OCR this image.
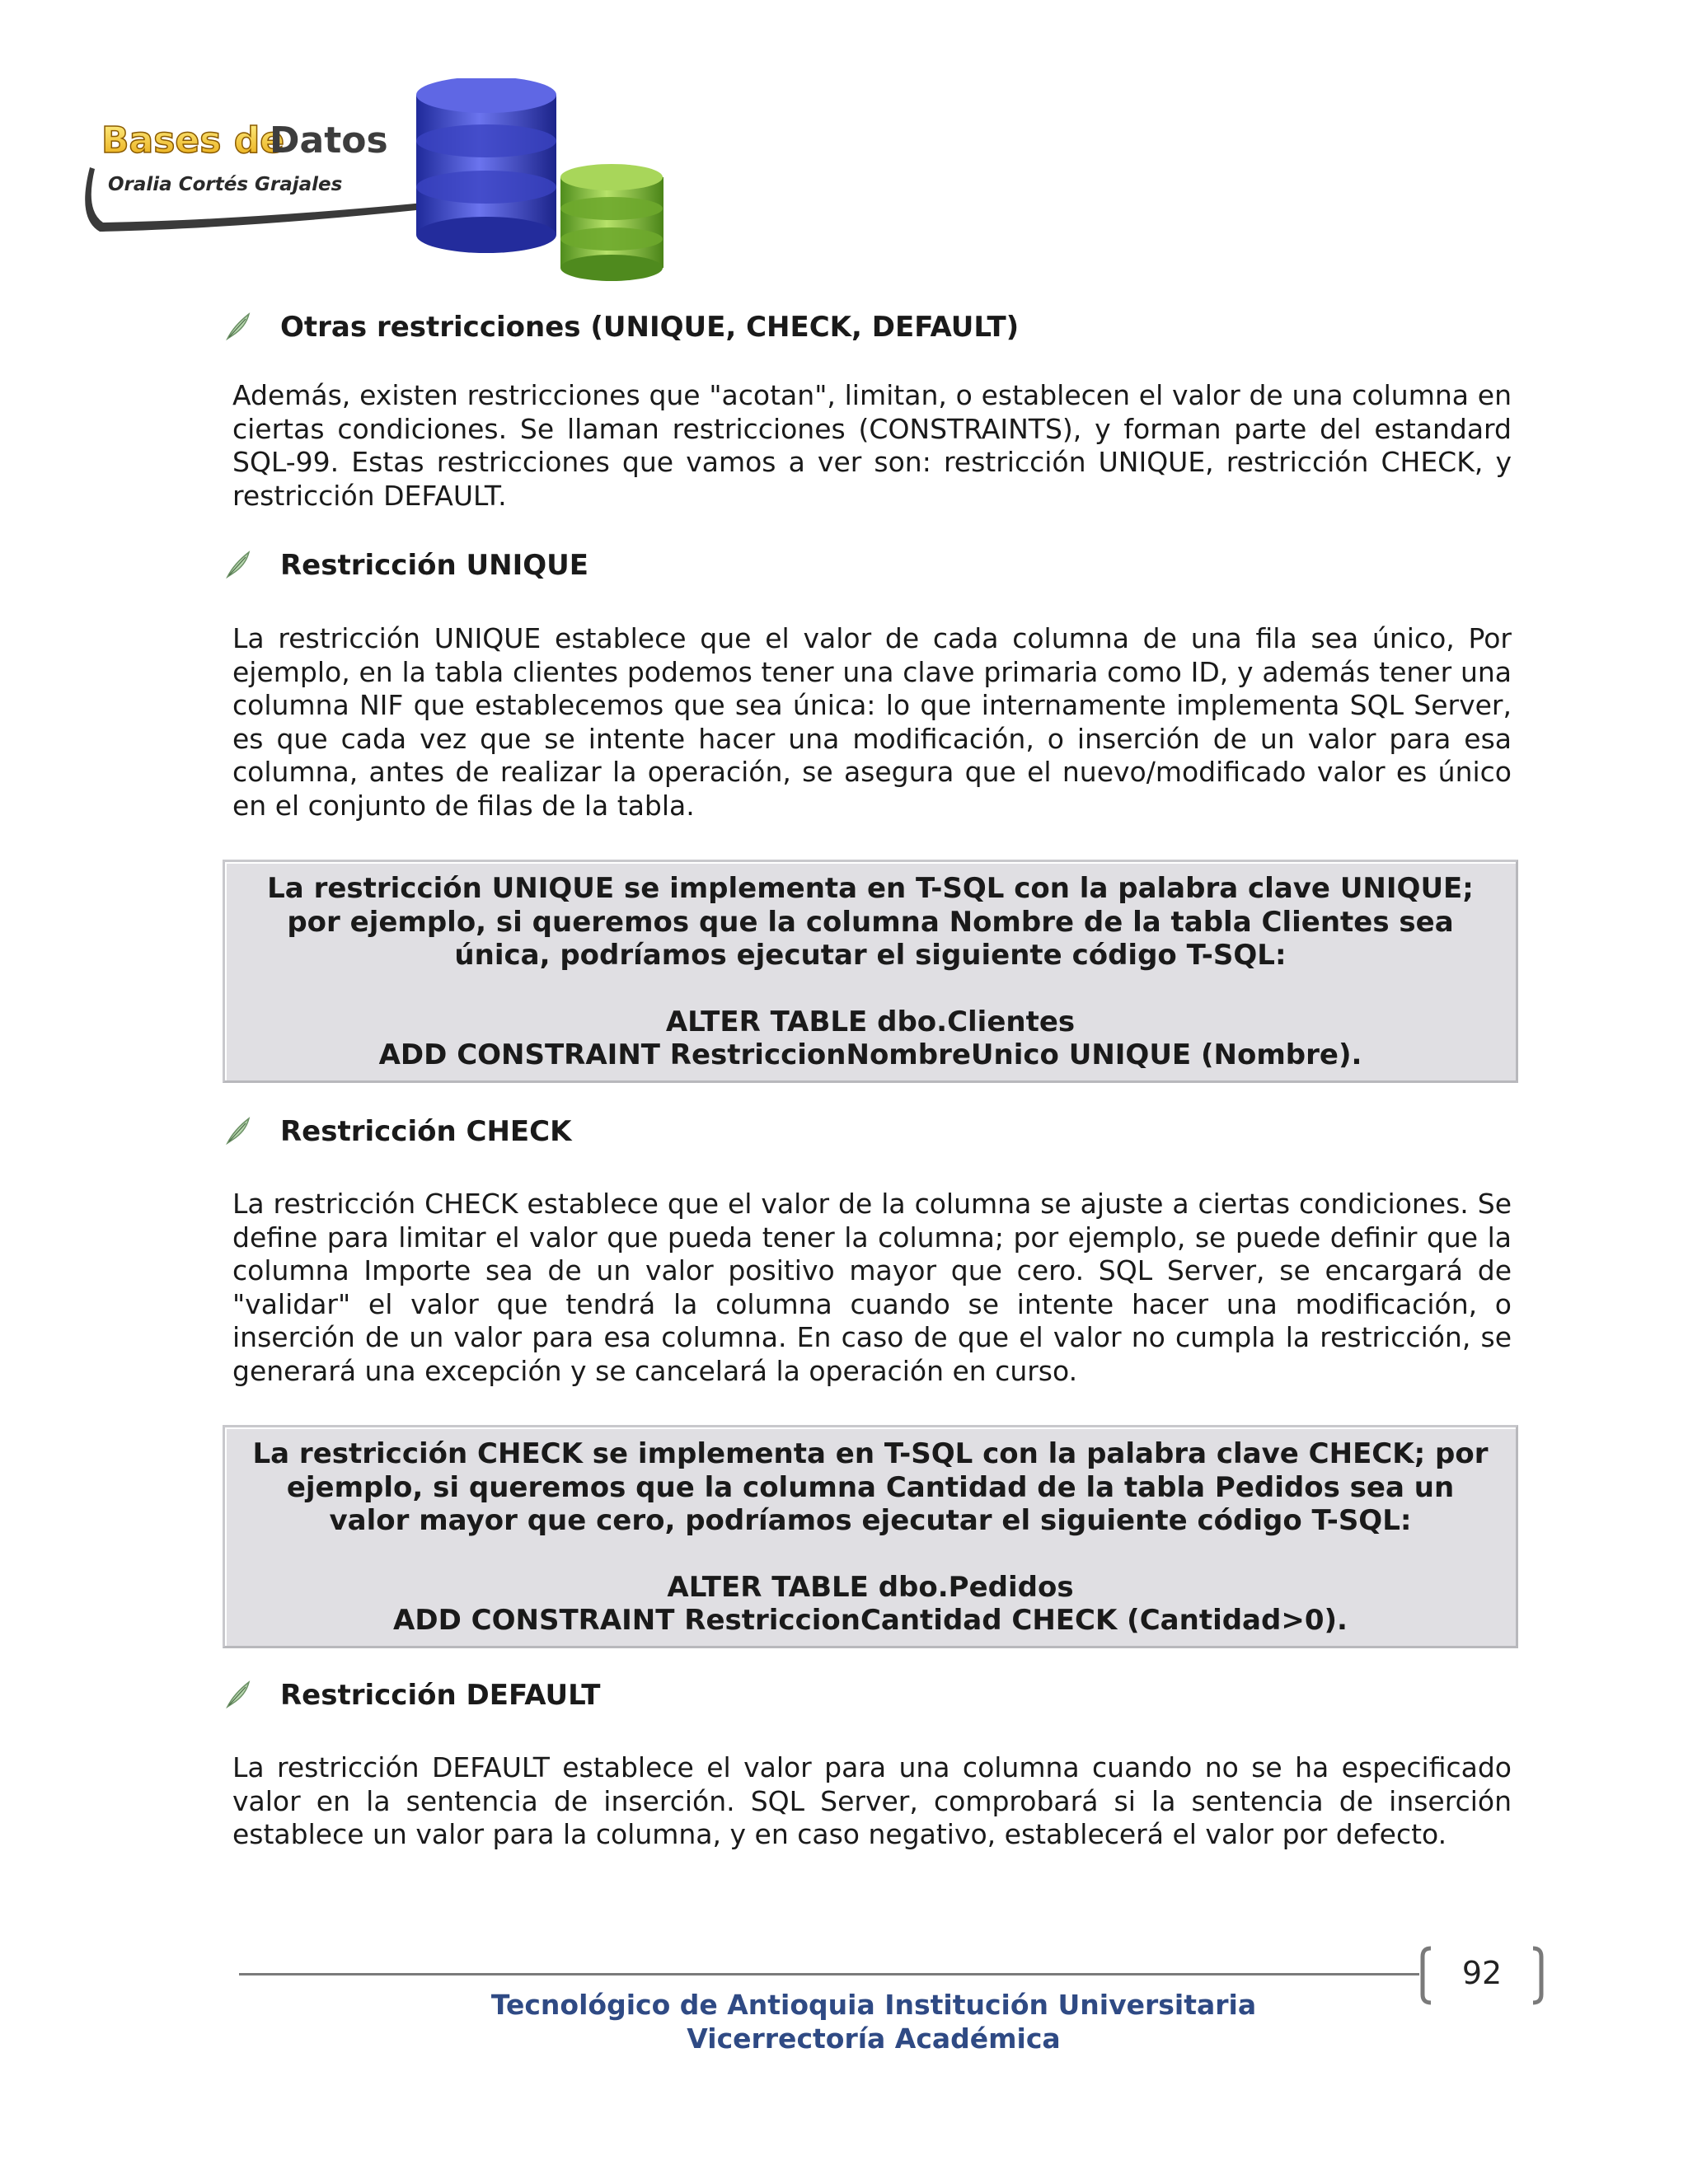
Bases de
Datos
Oralia Cortés Grajales
Otras restricciones (UNIQUE, CHECK, DEFAULT)

Además, existen restricciones que "acotan", limitan, o establecen el valor de una columna en ciertas condiciones. Se llaman restricciones (CONSTRAINTS), y forman parte del estandard SQL-99. Estas restricciones que vamos a ver son: restricción UNIQUE, restricción CHECK, y restricción DEFAULT.

Restricción UNIQUE

La restricción UNIQUE establece que el valor de cada columna de una fila sea único, Por ejemplo, en la tabla clientes podemos tener una clave primaria como ID, y además tener una columna NIF que establecemos que sea única: lo que internamente implementa SQL Server, es que cada vez que se intente hacer una modificación, o inserción de un valor para esa columna, antes de realizar la operación, se asegura que el nuevo/modificado valor es único en el conjunto de filas de la tabla.

La restricción UNIQUE se implementa en T-SQL con la palabra clave UNIQUE; por ejemplo, si queremos que la columna Nombre de la tabla Clientes sea única, podríamos ejecutar el siguiente código T-SQL:
ALTER TABLE dbo.Clientes
ADD CONSTRAINT RestriccionNombreUnico UNIQUE (Nombre).
Restricción CHECK

La restricción CHECK establece que el valor de la columna se ajuste a ciertas condiciones. Se define para limitar el valor que pueda tener la columna; por ejemplo, se puede definir que la columna Importe sea de un valor positivo mayor que cero. SQL Server, se encargará de "validar" el valor que tendrá la columna cuando se intente hacer una modificación, o inserción de un valor para esa columna. En caso de que el valor no cumpla la restricción, se generará una excepción y se cancelará la operación en curso.

La restricción CHECK se implementa en T-SQL con la palabra clave CHECK; por ejemplo, si queremos que la columna Cantidad de la tabla Pedidos sea un valor mayor que cero, podríamos ejecutar el siguiente código T-SQL:
ALTER TABLE dbo.Pedidos
ADD CONSTRAINT RestriccionCantidad CHECK (Cantidad>0).
Restricción DEFAULT

La restricción DEFAULT establece el valor para una columna cuando no se ha especificado valor en la sentencia de inserción. SQL Server, comprobará si la sentencia de inserción establece un valor para la columna, y en caso negativo, establecerá el valor por defecto.

92
Tecnológico de Antioquia Institución Universitaria
Vicerrectoría Académica
